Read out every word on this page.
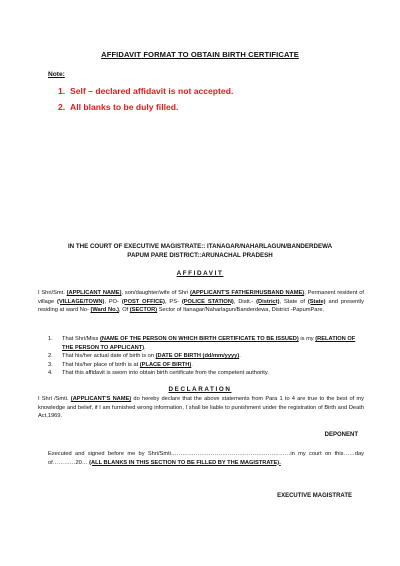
AFFIDAVIT FORMAT TO OBTAIN BIRTH CERTIFICATE
Note:
1. Self – declared affidavit is not accepted.
2. All blanks to be duly filled.
IN THE COURT OF EXECUTIVE MAGISTRATE:: ITANAGAR/NAHARLAGUN/BANDERDEWA
PAPUM PARE DISTRICT::ARUNACHAL PRADESH
AFFIDAVIT
I Shri/Smt. (APPLICANT NAME), son/daughter/wife of Shri (APPLICANT'S FATHER/HUSBAND NAME), Permanent resident of village (VILLAGE/TOWN), PO- (POST OFFICE), PS- (POLICE STATION), Distt.- (District), State of (State) and presently residing at ward No- (Ward No.), Of (SECTOR) Sector of Itanagar/Naharlagun/Banderdewa, District -PapumPare.
1. That Shri/Miss (NAME OF THE PERSON ON WHICH BIRTH CERTIFICATE TO BE ISSUED) is my (RELATION OF THE PERSON TO APPLICANT).
2. That his/her actual date of birth is on (DATE OF BIRTH (dd/mm/yyyy).
3. That his/her place of birth is at (PLACE OF BIRTH).
4. That this affidavit is sworn into obtain birth certificate from the competent authority.
DECLARATION
I Shri /Smti. (APPLICANT'S NAME) do hereby declare that the above statements from Para 1 to 4 are true to the best of my knowledge and belief, if I am furnished wrong information, I shall be liable to punishment under the registration of Birth and Death Act,1969.
DEPONENT
Executed and signed before me by Shri/Smti………………………………………………………in my court on this……day of…………20… (ALL BLANKS IN THIS SECTION TO BE FILLED BY THE MAGISTRATE).
EXECUTIVE MAGISTRATE
